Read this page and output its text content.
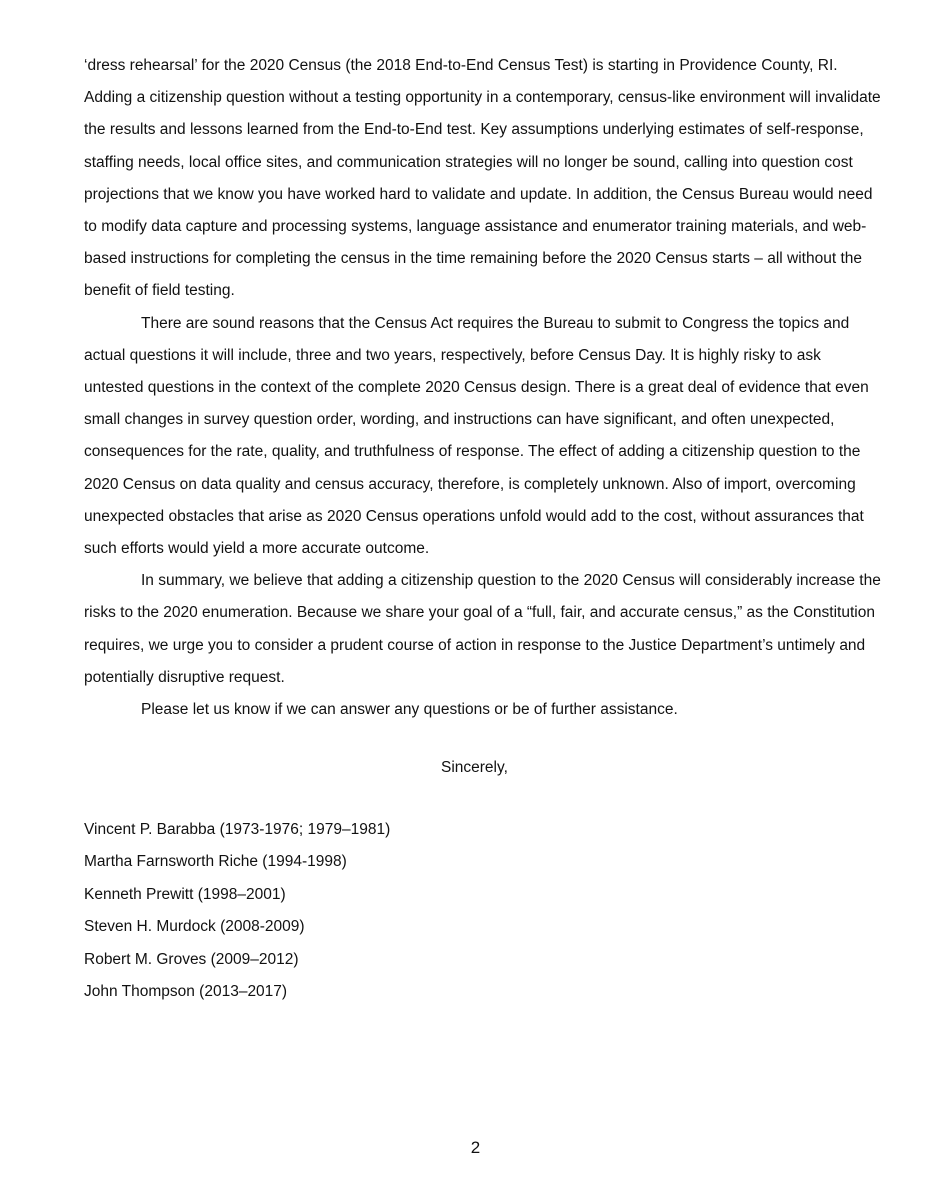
‘dress rehearsal’ for the 2020 Census (the 2018 End-to-End Census Test) is starting in Providence County, RI. Adding a citizenship question without a testing opportunity in a contemporary, census-like environment will invalidate the results and lessons learned from the End-to-End test. Key assumptions underlying estimates of self-response, staffing needs, local office sites, and communication strategies will no longer be sound, calling into question cost projections that we know you have worked hard to validate and update. In addition, the Census Bureau would need to modify data capture and processing systems, language assistance and enumerator training materials, and web-based instructions for completing the census in the time remaining before the 2020 Census starts – all without the benefit of field testing.

There are sound reasons that the Census Act requires the Bureau to submit to Congress the topics and actual questions it will include, three and two years, respectively, before Census Day. It is highly risky to ask untested questions in the context of the complete 2020 Census design. There is a great deal of evidence that even small changes in survey question order, wording, and instructions can have significant, and often unexpected, consequences for the rate, quality, and truthfulness of response. The effect of adding a citizenship question to the 2020 Census on data quality and census accuracy, therefore, is completely unknown. Also of import, overcoming unexpected obstacles that arise as 2020 Census operations unfold would add to the cost, without assurances that such efforts would yield a more accurate outcome.

In summary, we believe that adding a citizenship question to the 2020 Census will considerably increase the risks to the 2020 enumeration. Because we share your goal of a “full, fair, and accurate census,” as the Constitution requires, we urge you to consider a prudent course of action in response to the Justice Department’s untimely and potentially disruptive request.

Please let us know if we can answer any questions or be of further assistance.

Sincerely,
Vincent P. Barabba (1973-1976; 1979–1981)
Martha Farnsworth Riche (1994-1998)
Kenneth Prewitt (1998–2001)
Steven H. Murdock (2008-2009)
Robert M. Groves (2009–2012)
John Thompson (2013–2017)
2
